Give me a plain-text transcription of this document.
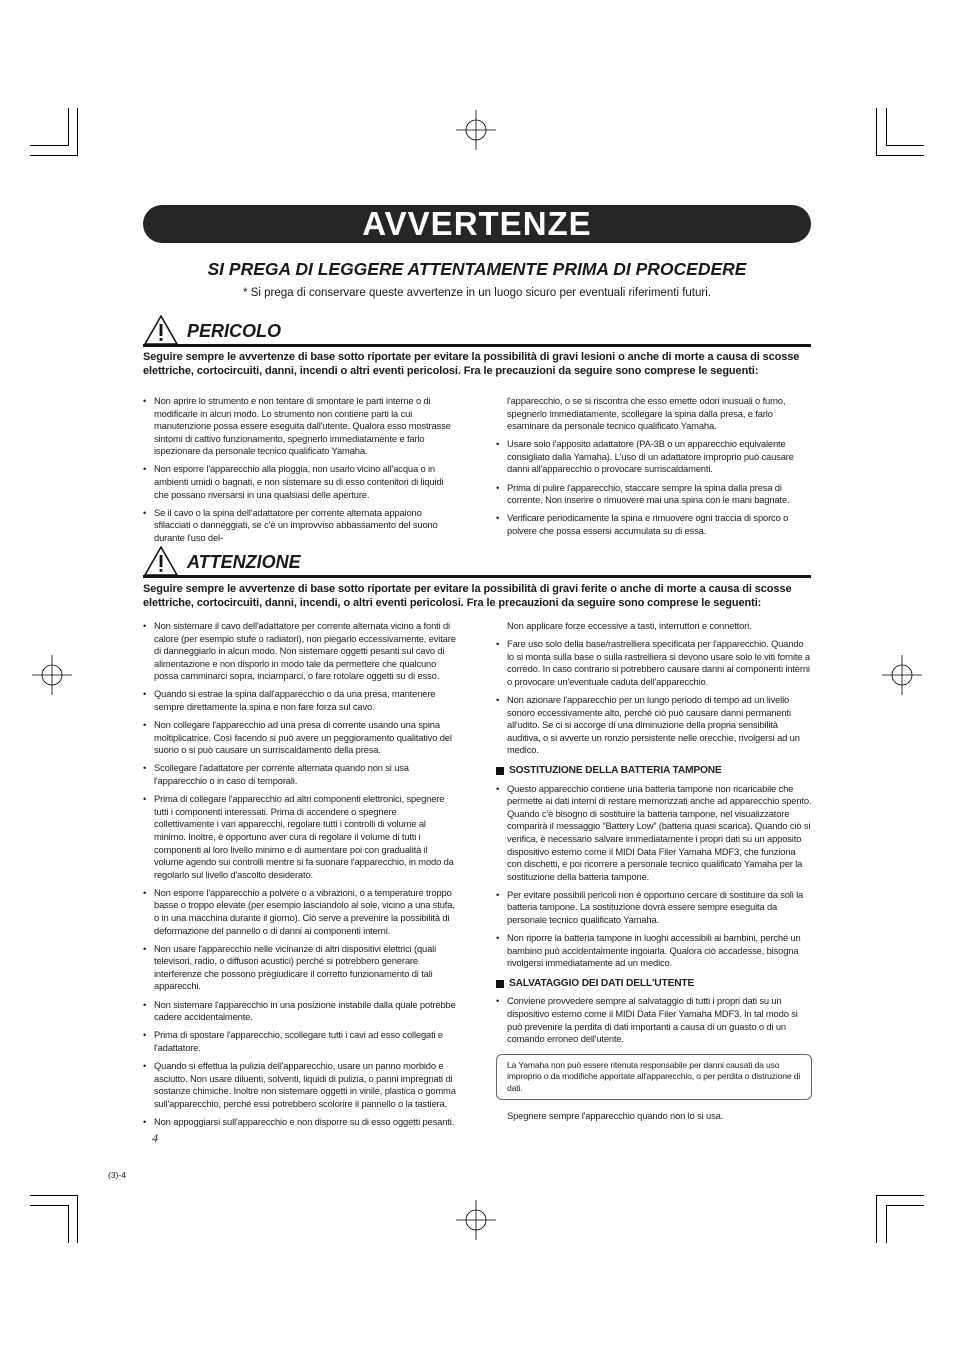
AVVERTENZE
SI PREGA DI LEGGERE ATTENTAMENTE PRIMA DI PROCEDERE
* Si prega di conservare queste avvertenze in un luogo sicuro per eventuali riferimenti futuri.
PERICOLO
Seguire sempre le avvertenze di base sotto riportate per evitare la possibilità di gravi lesioni o anche di morte a causa di scosse elettriche, cortocircuiti, danni, incendi o altri eventi pericolosi. Fra le precauzioni da seguire sono comprese le seguenti:
• Non aprire lo strumento e non tentare di smontare le parti interne o di modificarle in alcun modo. Lo strumento non contiene parti la cui manutenzione possa essere eseguita dall'utente. Qualora esso mostrasse sintomi di cattivo funzionamento, spegnerlo immediatamente e farlo ispezionare da personale tecnico qualificato Yamaha.
• Non esporre l'apparecchio alla pioggia, non usarlo vicino all'acqua o in ambienti umidi o bagnati, e non sistemare su di esso contenitori di liquidi che possano riversarsi in una qualsiasi delle aperture.
• Se il cavo o la spina dell'adattatore per corrente alternata appaiono sfilacciati o danneggiati, se c'è un improvviso abbassamento del suono durante l'uso del-

l'apparecchio, o se si riscontra che esso emette odori inusuali o fumo, spegnerlo immediatamente, scollegare la spina dalla presa, e farlo esaminare da personale tecnico qualificato Yamaha.

• Usare solo l'apposito adattatore (PA-3B o un apparecchio equivalente consigliato dalla Yamaha). L'uso di un adattatore improprio può causare danni all'apparecchio o provocare surriscaldamenti.
• Prima di pulire l'apparecchio, staccare sempre la spina dalla presa di corrente. Non inserire o rimuovere mai una spina con le mani bagnate.
• Verificare periodicamente la spina e rimuovere ogni traccia di sporco o polvere che possa essersi accumulata su di essa.
ATTENZIONE
Seguire sempre le avvertenze di base sotto riportate per evitare la possibilità di gravi ferite o anche di morte a causa di scosse elettriche, cortocircuiti, danni, incendi, o altri eventi pericolosi. Fra le precauzioni da seguire sono comprese le seguenti:
• Non sistemare il cavo dell'adattatore per corrente alternata vicino a fonti di calore (per esempio stufe o radiatori), non piegarlo eccessivamente, evitare di danneggiarlo in alcun modo. Non sistemare oggetti pesanti sul cavo di alimentazione e non disporlo in modo tale da permettere che qualcuno possa camminarci sopra, inciamparci, o fare rotolare oggetti su di esso.
• Quando si estrae la spina dall'apparecchio o da una presa, mantenere sempre direttamente la spina e non fare forza sul cavo.
• Non collegare l'apparecchio ad una presa di corrente usando una spina moltiplicatrice. Così facendo si può avere un peggioramento qualitativo del suono o si può causare un surriscaldamento della presa.
• Scollegare l'adattatore per corrente alternata quando non si usa l'apparecchio o in caso di temporali.
• Prima di collegare l'apparecchio ad altri componenti elettronici, spegnere tutti i componenti interessati. Prima di accendere o spegnere collettivamente i vari apparecchi, regolare tutti i controlli di volume al minimo. Inoltre, è opportuno aver cura di regolare il volume di tutti i componenti al loro livello minimo e di aumentare poi con gradualità il volume agendo sui controlli mentre si fa suonare l'apparecchio, in modo da regolarlo sul livello d'ascolto desiderato.
• Non esporre l'apparecchio a polvere o a vibrazioni, o a temperature troppo basse o troppo elevate (per esempio lasciandolo al sole, vicino a una stufa, o in una macchina durante il giorno). Ciò serve a prevenire la possibilità di deformazione del pannello o di danni ai componenti interni.
• Non usare l'apparecchio nelle vicinanze di altri dispositivi elettrici (quali televisori, radio, o diffusori acustici) perché si potrebbero generare interferenze che possono pregiudicare il corretto funzionamento di tali apparecchi.
• Non sistemare l'apparecchio in una posizione instabile dalla quale potrebbe cadere accidentalmente.
• Prima di spostare l'apparecchio, scollegare tutti i cavi ad esso collegati e l'adattatore.
• Quando si effettua la pulizia dell'apparecchio, usare un panno morbido e asciutto. Non usare diluenti, solventi, liquidi di pulizia, o panni impregnati di sostanze chimiche. Inoltre non sistemare oggetti in vinile, plastica o gomma sull'apparecchio, perché essi potrebbero scolorire il pannello o la tastiera.
• Non appoggiarsi sull'apparecchio e non disporre su di esso oggetti pesanti.

Non applicare forze eccessive a tasti, interruttori e connettori.

• Fare uso solo della base/rastrelliera specificata per l'apparecchio. Quando lo si monta sulla base o sulla rastrelliera si devono usare solo le viti fornite a corredo. In caso contrario si potrebbero causare danni ai componenti interni o provocare un'eventuale caduta dell'apparecchio.
• Non azionare l'apparecchio per un lungo periodo di tempo ad un livello sonoro eccessivamente alto, perché ciò può causare danni permanenti all'udito. Se ci si accorge di una diminuzione della propria sensibilità auditiva, o si avverte un ronzio persistente nelle orecchie, rivolgersi ad un medico.
SOSTITUZIONE DELLA BATTERIA TAMPONE
• Questo apparecchio contiene una batteria tampone non ricaricabile che permette ai dati interni di restare memorizzati anche ad apparecchio spento. Quando c'è bisogno di sostituire la batteria tampone, nel visualizzatore comparirà il messaggio “Battery Low” (batteria quasi scarica). Quando ciò si verifica, è necessario salvare immediatamente i propri dati su un apposito dispositivo esterno come il MIDI Data Filer Yamaha MDF3, che funziona con dischetti, e poi ricorrere a personale tecnico qualificato Yamaha per la sostituzione della batteria tampone.
• Per evitare possibili pericoli non è opportuno cercare di sostituire da soli la batteria tampone. La sostituzione dovrà essere sempre eseguita da personale tecnico qualificato Yamaha.
• Non riporre la batteria tampone in luoghi accessibili ai bambini, perché un bambino può accidentalmente ingoiarla. Qualora ciò accadesse, bisogna rivolgersi immediatamente ad un medico.
SALVATAGGIO DEI DATI DELL'UTENTE
• Conviene provvedere sempre al salvataggio di tutti i propri dati su un dispositivo esterno come il MIDI Data Filer Yamaha MDF3. In tal modo si può prevenire la perdita di dati importanti a causa di un guasto o di un comando erroneo dell'utente.
La Yamaha non può essere ritenuta responsabile per danni causati da uso improprio o da modifiche apportate all'apparecchio, o per perdita o distruzione di dati.

Spegnere sempre l'apparecchio quando non lo si usa.

4
(3)-4
